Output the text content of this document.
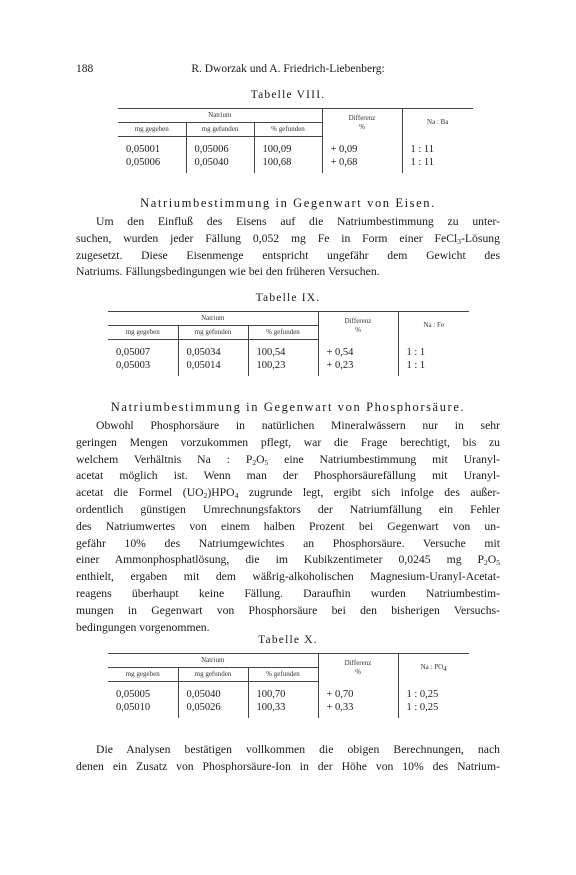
188	R. Dworzak und A. Friedrich-Liebenberg:
Tabelle VIII.
Natrium			Differenz
%	Na : Ba
mg gegeben	mg gefunden	% gefunden		
0,05001	0,05006	100,09	+ 0,09	1 : 11
0,05006	0,05040	100,68	+ 0,68	1 : 11
Natriumbestimmung in Gegenwart von Eisen.

Um den Einfluß des Eisens auf die Natriumbestimmung zu unter-

suchen, wurden jeder Fällung 0,052 mg Fe in Form einer FeCl$_3$-Lösung

zugesetzt. Diese Eisenmenge entspricht ungefähr dem Gewicht des

Natriums. Fällungsbedingungen wie bei den früheren Versuchen.

Tabelle IX.
Natrium			Differenz
%	Na : Fe
mg gegeben	mg gefunden	% gefunden		
0,05007	0,05034	100,54	+ 0,54	1 : 1
0,05003	0,05014	100,23	+ 0,23	1 : 1
Natriumbestimmung in Gegenwart von Phosphorsäure.

Obwohl Phosphorsäure in natürlichen Mineralwässern nur in sehr

geringen Mengen vorzukommen pflegt, war die Frage berechtigt, bis zu

welchem Verhältnis Na : $P_2O_5$ eine Natriumbestimmung mit Uranyl-

acetat möglich ist. Wenn man der Phosphorsäurefällung mit Uranyl-

acetat die Formel $(UO_2)HPO_4$ zugrunde legt, ergibt sich infolge des außer-

ordentlich günstigen Umrechnungsfaktors der Natriumfällung ein Fehler

des Natriumwertes von einem halben Prozent bei Gegenwart von un-

gefähr 10% des Natriumgewichtes an Phosphorsäure. Versuche mit

einer Ammonphosphatlösung, die im Kubikzentimeter 0,0245 mg $P_2O_5$

enthielt, ergaben mit dem wäßrig-alkoholischen Magnesium-Uranyl-Acetat-

reagens überhaupt keine Fällung. Daraufhin wurden Natriumbestim-

mungen in Gegenwart von Phosphorsäure bei den bisherigen Versuchs-

bedingungen vorgenommen.

Tabelle X.
Natrium			Differenz
%	Na : $PO_4$
mg gegeben	mg gefunden	% gefunden		
0,05005	0,05040	100,70	+ 0,70	1 : 0,25
0,05010	0,05026	100,33	+ 0,33	1 : 0,25

Die Analysen bestätigen vollkommen die obigen Berechnungen, nach

denen ein Zusatz von Phosphorsäure-Ion in der Höhe von 10% des Natrium-
